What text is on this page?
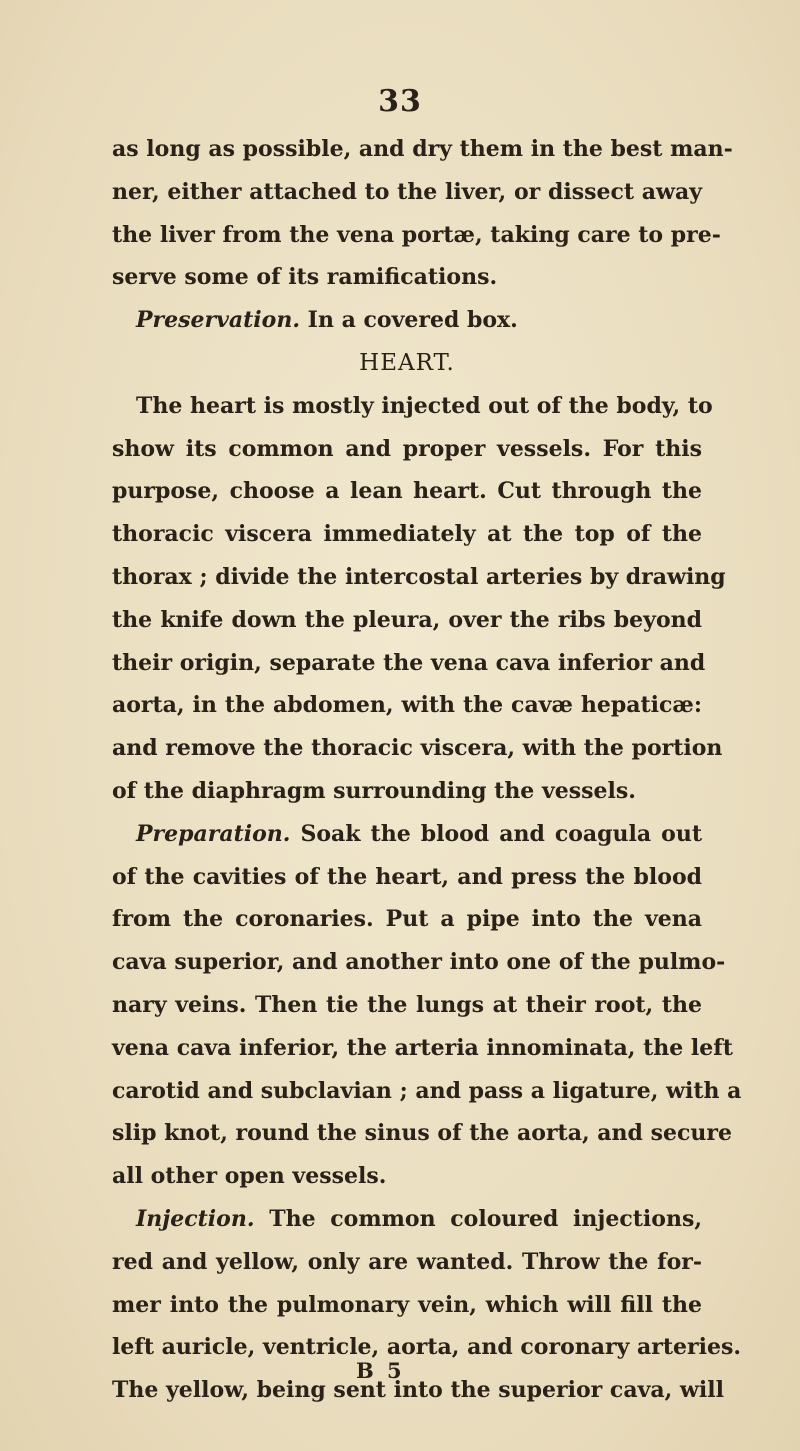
33
as long as possible, and dry them in the best man-
ner, either attached to the liver, or dissect away
the liver from the vena portæ, taking care to pre-
serve some of its ramifications.
Preservation. In a covered box.
HEART.
The heart is mostly injected out of the body, to
show its common and proper vessels. For this
purpose, choose a lean heart. Cut through the
thoracic viscera immediately at the top of the
thorax ; divide the intercostal arteries by drawing
the knife down the pleura, over the ribs beyond
their origin, separate the vena cava inferior and
aorta, in the abdomen, with the cavæ hepaticæ:
and remove the thoracic viscera, with the portion
of the diaphragm surrounding the vessels.
Preparation. Soak the blood and coagula out
of the cavities of the heart, and press the blood
from the coronaries. Put a pipe into the vena
cava superior, and another into one of the pulmo-
nary veins. Then tie the lungs at their root, the
vena cava inferior, the arteria innominata, the left
carotid and subclavian ; and pass a ligature, with a
slip knot, round the sinus of the aorta, and secure
all other open vessels.
Injection. The common coloured injections,
red and yellow, only are wanted. Throw the for-
mer into the pulmonary vein, which will fill the
left auricle, ventricle, aorta, and coronary arteries.
The yellow, being sent into the superior cava, will
B 5
